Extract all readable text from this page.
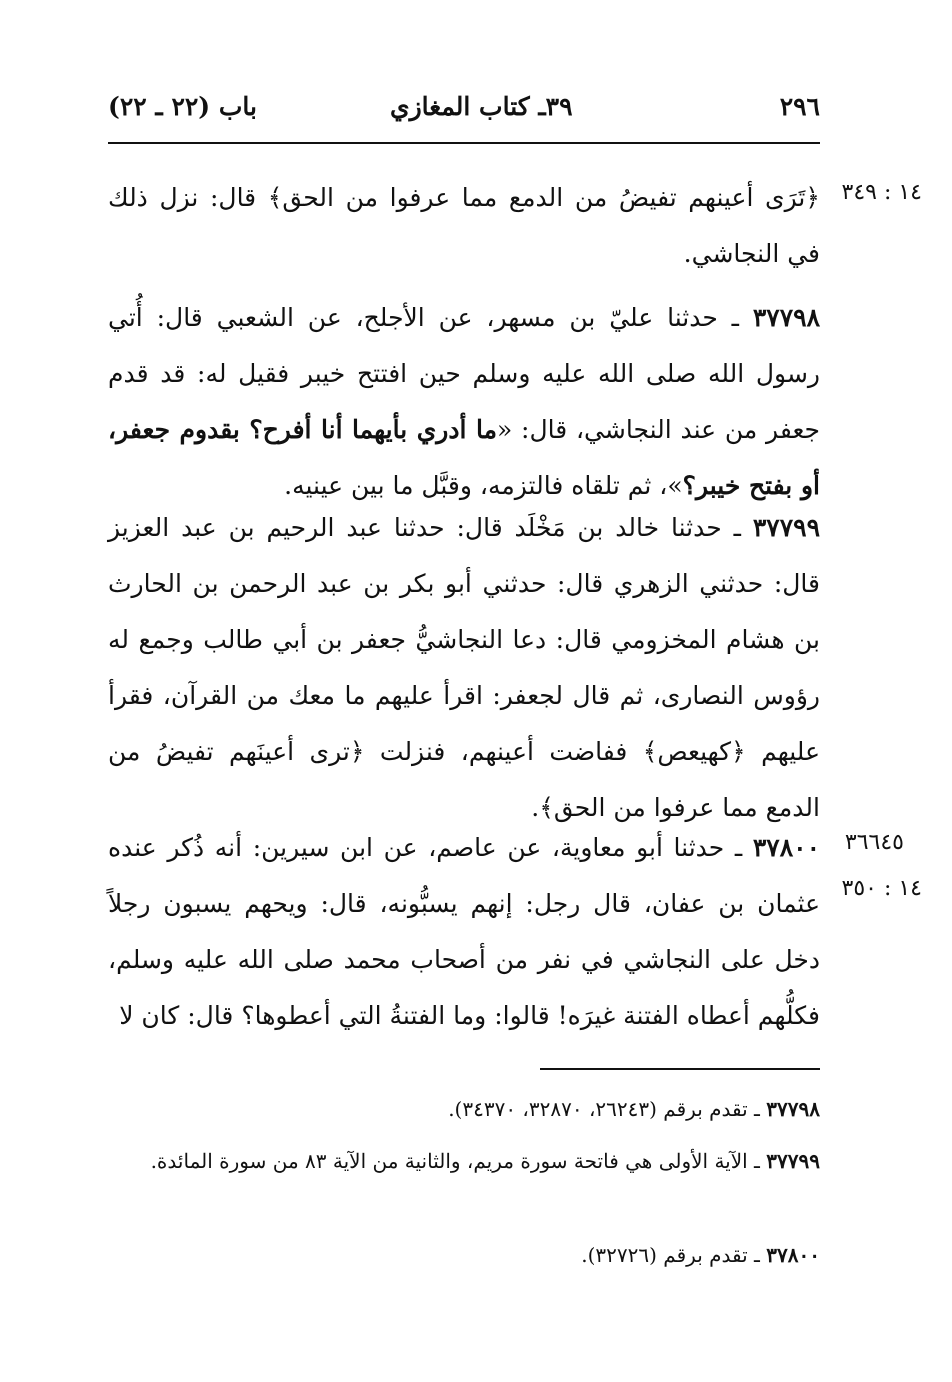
٢٩٦
٣٩ـ كتاب المغازي
باب (٢٢ ـ ٢٢)
١٤ : ٣٤٩
٣٦٦٤٥
١٤ : ٣٥٠

﴿تَرَى أعينهم تفيضُ من الدمع مما عرفوا من الحق﴾ قال: نزل ذلك في النجاشي.

٣٧٧٩٨ ـ حدثنا عليّ بن مسهر، عن الأجلح، عن الشعبي قال: أُتي رسول الله صلى الله عليه وسلم حين افتتح خيبر فقيل له: قد قدم جعفر من عند النجاشي، قال: «ما أدري بأيهما أنا أفرح؟ بقدوم جعفر، أو بفتح خيبر؟»، ثم تلقاه فالتزمه، وقبَّل ما بين عينيه.

٣٧٧٩٩ ـ حدثنا خالد بن مَخْلَد قال: حدثنا عبد الرحيم بن عبد العزيز قال: حدثني الزهري قال: حدثني أبو بكر بن عبد الرحمن بن الحارث بن هشام المخزومي قال: دعا النجاشيُّ جعفر بن أبي طالب وجمع له رؤوس النصارى، ثم قال لجعفر: اقرأ عليهم ما معك من القرآن، فقرأ عليهم ﴿كهيعص﴾ ففاضت أعينهم، فنزلت ﴿ترى أعينَهم تفيضُ من الدمع مما عرفوا من الحق﴾.

٣٧٨٠٠ ـ حدثنا أبو معاوية، عن عاصم، عن ابن سيرين: أنه ذُكر عنده عثمان بن عفان، قال رجل: إنهم يسبُّونه، قال: ويحهم يسبون رجلاً دخل على النجاشي في نفر من أصحاب محمد صلى الله عليه وسلم، فكلُّهم أعطاه الفتنة غيرَه! قالوا: وما الفتنةُ التي أعطوها؟ قال: كان لا

٣٧٧٩٨ ـ تقدم برقم (٢٦٢٤٣، ٣٢٨٧٠، ٣٤٣٧٠).

٣٧٧٩٩ ـ الآية الأولى هي فاتحة سورة مريم، والثانية من الآية ٨٣ من سورة المائدة.

٣٧٨٠٠ ـ تقدم برقم (٣٢٧٢٦).
